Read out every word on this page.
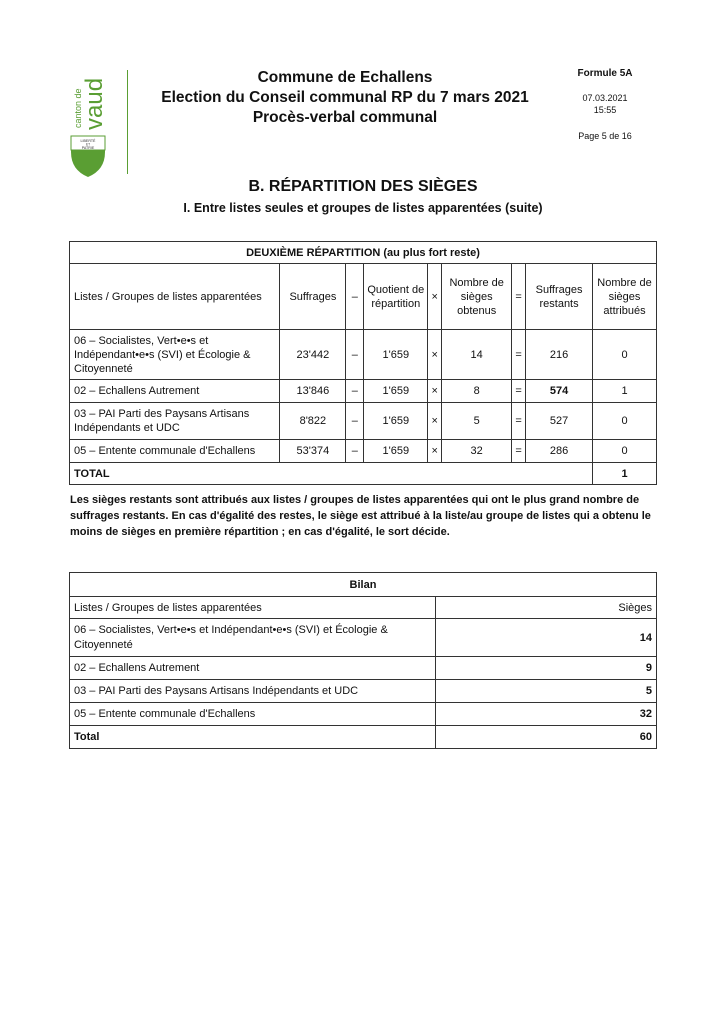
canton de
vaud
LIBERTÉ
ET
PATRIE
Commune de Echallens
Election du Conseil communal RP du 7 mars 2021
Procès-verbal communal
Formule 5A
07.03.2021
15:55
Page 5 de 16
B. RÉPARTITION DES SIÈGES
I. Entre listes seules et groupes de listes apparentées (suite)
DEUXIÈME RÉPARTITION (au plus fort reste)								
Listes / Groupes de listes apparentées	Suffrages	–	Quotient de répartition	×	Nombre de sièges obtenus	=	Suffrages restants	Nombre de sièges attribués
06 – Socialistes, Vert•e•s et Indépendant•e•s (SVI) et Écologie & Citoyenneté	23'442	–	1'659	×	14	=	216	0
02 – Echallens Autrement	13'846	–	1'659	×	8	=	574	1
03 – PAI Parti des Paysans Artisans Indépendants et UDC	8'822	–	1'659	×	5	=	527	0
05 – Entente communale d'Echallens	53'374	–	1'659	×	32	=	286	0
TOTAL								1

Les sièges restants sont attribués aux listes / groupes de listes apparentées qui ont le plus grand nombre de suffrages restants. En cas d'égalité des restes, le siège est attribué à la liste/au groupe de listes qui a obtenu le moins de sièges en première répartition ; en cas d'égalité, le sort décide.

Bilan	
Listes / Groupes de listes apparentées	Sièges
06 – Socialistes, Vert•e•s et Indépendant•e•s (SVI) et Écologie & Citoyenneté	14
02 – Echallens Autrement	9
03 – PAI Parti des Paysans Artisans Indépendants et UDC	5
05 – Entente communale d'Echallens	32
Total	60
